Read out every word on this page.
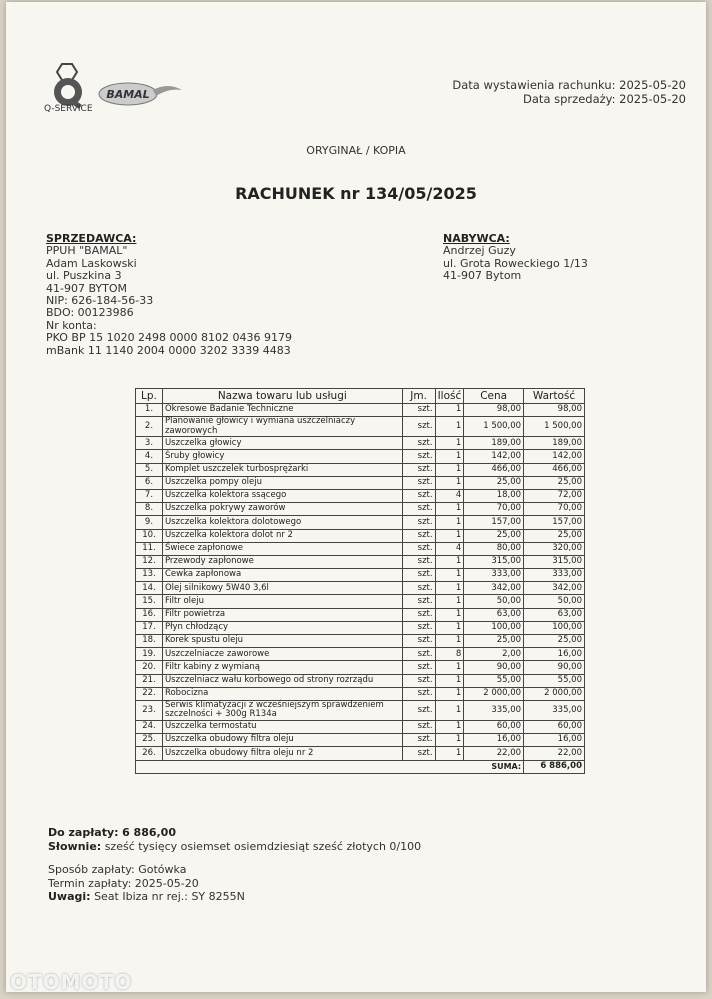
Q-SERVICE
BAMAL
Data wystawienia rachunku: 2025-05-20
Data sprzedaży: 2025-05-20
ORYGINAŁ / KOPIA
RACHUNEK nr 134/05/2025
SPRZEDAWCA:
PPUH "BAMAL"
Adam Laskowski
ul. Puszkina 3
41-907 BYTOM
NIP: 626-184-56-33
BDO: 00123986
Nr konta:
PKO BP 15 1020 2498 0000 8102 0436 9179
mBank 11 1140 2004 0000 3202 3339 4483
NABYWCA:
Andrzej Guzy
ul. Grota Roweckiego 1/13
41-907 Bytom
Lp.	Nazwa towaru lub usługi	Jm.	Ilość	Cena	Wartość
1.	Okresowe Badanie Techniczne	szt.	1	98,00	98,00
2.	Planowanie głowicy i wymiana uszczelniaczy zaworowych	szt.	1	1 500,00	1 500,00
3.	Uszczelka głowicy	szt.	1	189,00	189,00
4.	Śruby głowicy	szt.	1	142,00	142,00
5.	Komplet uszczelek turbosprężarki	szt.	1	466,00	466,00
6.	Uszczelka pompy oleju	szt.	1	25,00	25,00
7.	Uszczelka kolektora ssącego	szt.	4	18,00	72,00
8.	Uszczelka pokrywy zaworów	szt.	1	70,00	70,00
9.	Uszczelka kolektora dolotowego	szt.	1	157,00	157,00
10.	Uszczelka kolektora dolot nr 2	szt.	1	25,00	25,00
11.	Świece zapłonowe	szt.	4	80,00	320,00
12.	Przewody zapłonowe	szt.	1	315,00	315,00
13.	Cewka zapłonowa	szt.	1	333,00	333,00
14.	Olej silnikowy 5W40 3,6l	szt.	1	342,00	342,00
15.	Filtr oleju	szt.	1	50,00	50,00
16.	Filtr powietrza	szt.	1	63,00	63,00
17.	Płyn chłodzący	szt.	1	100,00	100,00
18.	Korek spustu oleju	szt.	1	25,00	25,00
19.	Uszczelniacze zaworowe	szt.	8	2,00	16,00
20.	Filtr kabiny z wymianą	szt.	1	90,00	90,00
21.	Uszczelniacz wału korbowego od strony rozrządu	szt.	1	55,00	55,00
22.	Robocizna	szt.	1	2 000,00	2 000,00
23.	Serwis klimatyzacji z wcześniejszym sprawdzeniem szczelności + 300g R134a	szt.	1	335,00	335,00
24.	Uszczelka termostatu	szt.	1	60,00	60,00
25.	Uszczelka obudowy filtra oleju	szt.	1	16,00	16,00
26.	Uszczelka obudowy filtra oleju nr 2	szt.	1	22,00	22,00
SUMA:					6 886,00
Do zapłaty: 6 886,00
Słownie: sześć tysięcy osiemset osiemdziesiąt sześć złotych 0/100
Sposób zapłaty: Gotówka
Termin zapłaty: 2025-05-20
Uwagi: Seat Ibiza nr rej.: SY 8255N
OTOMOTO
